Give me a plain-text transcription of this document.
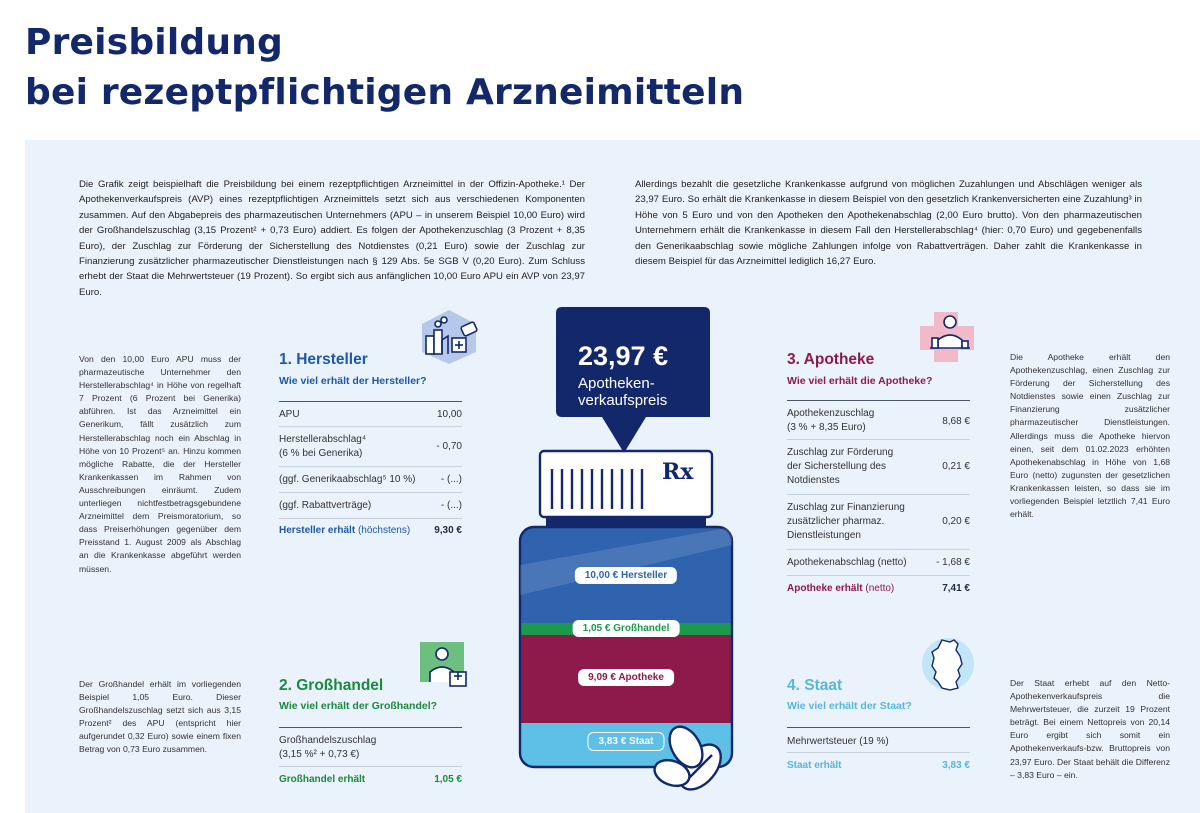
Preisbildung
bei rezeptpflichtigen Arzneimitteln

Die Grafik zeigt beispielhaft die Preisbildung bei einem rezeptpflichtigen Arzneimittel in der Offizin-Apotheke.¹ Der Apothekenverkaufspreis (AVP) eines rezeptpflichtigen Arzneimittels setzt sich aus verschiedenen Komponenten zusammen. Auf den Abgabepreis des pharmazeutischen Unternehmers (APU – in unserem Beispiel 10,00 Euro) wird der Großhandelszuschlag (3,15 Prozent² + 0,73 Euro) addiert. Es folgen der Apothekenzuschlag (3 Prozent + 8,35 Euro), der Zuschlag zur Förderung der Sicherstellung des Notdienstes (0,21 Euro) sowie der Zuschlag zur Finanzierung zusätzlicher pharmazeutischer Dienstleistungen nach § 129 Abs. 5e SGB V (0,20 Euro). Zum Schluss erhebt der Staat die Mehrwertsteuer (19 Prozent). So ergibt sich aus anfänglichen 10,00 Euro APU ein AVP von 23,97 Euro.

Allerdings bezahlt die gesetzliche Krankenkasse aufgrund von möglichen Zuzahlungen und Abschlägen weniger als 23,97 Euro. So erhält die Krankenkasse in diesem Beispiel von den gesetzlich Krankenversicherten eine Zuzahlung³ in Höhe von 5 Euro und von den Apotheken den Apothekenabschlag (2,00 Euro brutto). Von den pharmazeutischen Unternehmern erhält die Krankenkasse in diesem Fall den Herstellerabschlag⁴ (hier: 0,70 Euro) und gegebenenfalls den Generikaabschlag sowie mögliche Zahlungen infolge von Rabattverträgen. Daher zahlt die Krankenkasse in diesem Beispiel für das Arzneimittel lediglich 16,27 Euro.

Von den 10,00 Euro APU muss der pharmazeutische Unternehmer den Herstellerabschlag⁴ in Höhe von regelhaft 7 Prozent (6 Prozent bei Generika) abführen. Ist das Arzneimittel ein Generikum, fällt zusätzlich zum Herstellerabschlag noch ein Abschlag in Höhe von 10 Prozent⁵ an. Hinzu kommen mögliche Rabatte, die der Hersteller Krankenkassen im Rahmen von Ausschreibungen einräumt. Zudem unterliegen nichtfestbetragsgebundene Arzneimittel dem Preismoratorium, so dass Preiserhöhungen gegenüber dem Preisstand 1. August 2009 als Abschlag an die Krankenkasse abgeführt werden müssen.

Der Großhandel erhält im vorliegenden Beispiel 1,05 Euro. Dieser Großhandelszuschlag setzt sich aus 3,15 Prozent² des APU (entspricht hier aufgerundet 0,32 Euro) sowie einem fixen Betrag von 0,73 Euro zusammen.

Die Apotheke erhält den Apothekenzuschlag, einen Zuschlag zur Förderung der Sicherstellung des Notdienstes sowie einen Zuschlag zur Finanzierung zusätzlicher pharmazeutischer Dienstleistungen. Allerdings muss die Apotheke hiervon einen, seit dem 01.02.2023 erhöhten Apothekenabschlag in Höhe von 1,68 Euro (netto) zugunsten der gesetzlichen Krankenkassen leisten, so dass sie im vorliegenden Beispiel letztlich 7,41 Euro erhält.

Der Staat erhebt auf den Netto-Apothekenverkaufspreis die Mehrwertsteuer, die zurzeit 19 Prozent beträgt. Bei einem Nettopreis von 20,14 Euro ergibt sich somit ein Apothekenverkaufs-bzw. Bruttopreis von 23,97 Euro. Der Staat behält die Differenz – 3,83 Euro – ein.

1. Hersteller
Wie viel erhält der Hersteller?
APU	10,00
Herstellerabschlag⁴
(6 % bei Generika)
- 0,70
(ggf. Generikaabschlag⁵ 10 %)	- (...)
(ggf. Rabattverträge)	- (...)
Hersteller erhält (höchstens) 9,30 €
2. Großhandel
Wie viel erhält der Großhandel?
Großhandelszuschlag
(3,15 %² + 0,73 €)
Großhandel erhält	1,05 €
3. Apotheke
Wie viel erhält die Apotheke?
Apothekenzuschlag
(3 % + 8,35 Euro)
8,68 €
Zuschlag zur Förderung
der Sicherstellung des
Notdienstes
0,21 €
Zuschlag zur Finanzierung
zusätzlicher pharmaz.
Dienstleistungen
0,20 €
Apothekenabschlag (netto)	- 1,68 €
Apotheke erhält (netto)	7,41 €
4. Staat
Wie viel erhält der Staat?
Mehrwertsteuer (19 %)
Staat erhält	3,83 €
23,97 €
Apotheken-
verkaufspreis
Rx
10,00 € Hersteller
1,05 € Großhandel
9,09 € Apotheke
3,83 € Staat
